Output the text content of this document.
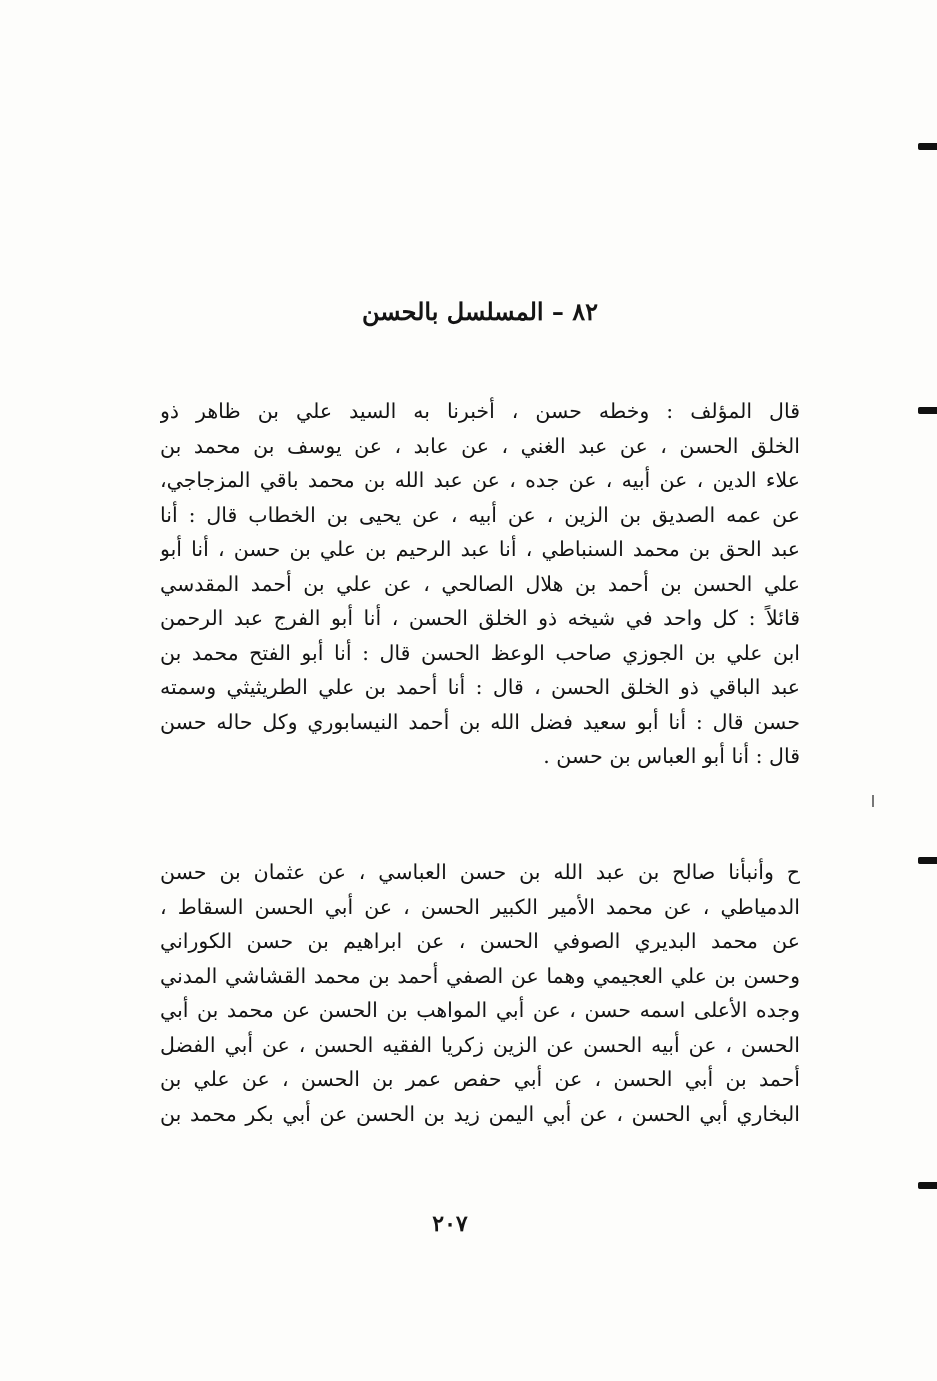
٨٢ – المسلسل بالحسن
قال المؤلف : وخطه حسن ، أخبرنا به السيد علي بن ظاهر ذو
الخلق الحسن ، عن عبد الغني ، عن عابد ، عن يوسف بن محمد بن
علاء الدين ، عن أبيه ، عن جده ، عن عبد الله بن محمد باقي المزجاجي،
عن عمه الصديق بن الزين ، عن أبيه ، عن يحيى بن الخطاب قال : أنا
عبد الحق بن محمد السنباطي ، أنا عبد الرحيم بن علي بن حسن ، أنا أبو
علي الحسن بن أحمد بن هلال الصالحي ، عن علي بن أحمد المقدسي
قائلاً : كل واحد في شيخه ذو الخلق الحسن ، أنا أبو الفرج عبد الرحمن
ابن علي بن الجوزي صاحب الوعظ الحسن قال : أنا أبو الفتح محمد بن
عبد الباقي ذو الخلق الحسن ، قال : أنا أحمد بن علي الطريثيثي وسمته
حسن قال : أنا أبو سعيد فضل الله بن أحمد النيسابوري وكل حاله حسن
قال : أنا أبو العباس بن حسن .
ح وأنبأنا صالح بن عبد الله بن حسن العباسي ، عن عثمان بن حسن
الدمياطي ، عن محمد الأمير الكبير الحسن ، عن أبي الحسن السقاط ،
عن محمد البديري الصوفي الحسن ، عن ابراهيم بن حسن الكوراني
وحسن بن علي العجيمي وهما عن الصفي أحمد بن محمد القشاشي المدني
وجده الأعلى اسمه حسن ، عن أبي المواهب بن الحسن عن محمد بن أبي
الحسن ، عن أبيه الحسن عن الزين زكريا الفقيه الحسن ، عن أبي الفضل
أحمد بن أبي الحسن ، عن أبي حفص عمر بن الحسن ، عن علي بن
البخاري أبي الحسن ، عن أبي اليمن زيد بن الحسن عن أبي بكر محمد بن
٢٠٧
